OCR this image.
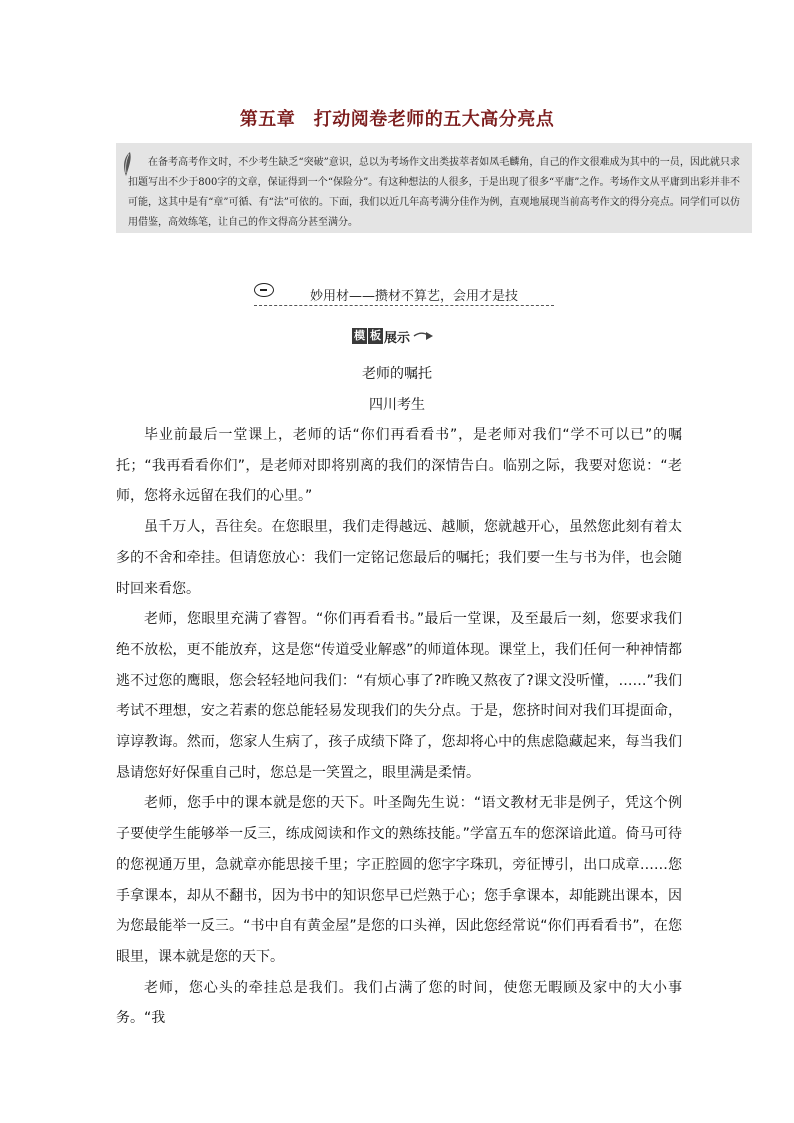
第五章　打动阅卷老师的五大高分亮点

在备考高考作文时，不少考生缺乏“突破”意识，总以为考场作文出类拔萃者如凤毛麟角，自己的作文很难成为其中的一员，因此就只求扣题写出不少于800字的文章，保证得到一个“保险分”。有这种想法的人很多，于是出现了很多“平庸”之作。考场作文从平庸到出彩并非不可能，这其中是有“章”可循、有“法”可依的。下面，我们以近几年高考满分佳作为例，直观地展现当前高考作文的得分亮点。同学们可以仿用借鉴，高效练笔，让自己的作文得高分甚至满分。

妙用材——攒材不算艺，会用才是技
模 板 展示
老师的嘱托
四川考生

毕业前最后一堂课上，老师的话“你们再看看书”，是老师对我们“学不可以已”的嘱托；“我再看看你们”，是老师对即将别离的我们的深情告白。临别之际，我要对您说：“老师，您将永远留在我们的心里。”

虽千万人，吾往矣。在您眼里，我们走得越远、越顺，您就越开心，虽然您此刻有着太多的不舍和牵挂。但请您放心：我们一定铭记您最后的嘱托；我们要一生与书为伴，也会随时回来看您。

老师，您眼里充满了睿智。“你们再看看书。”最后一堂课，及至最后一刻，您要求我们绝不放松，更不能放弃，这是您“传道受业解惑”的师道体现。课堂上，我们任何一种神情都逃不过您的鹰眼，您会轻轻地问我们：“有烦心事了?昨晚又熬夜了?课文没听懂，……”我们考试不理想，安之若素的您总能轻易发现我们的失分点。于是，您挤时间对我们耳提面命，谆谆教诲。然而，您家人生病了，孩子成绩下降了，您却将心中的焦虑隐藏起来，每当我们恳请您好好保重自己时，您总是一笑置之，眼里满是柔情。

老师，您手中的课本就是您的天下。叶圣陶先生说：“语文教材无非是例子，凭这个例子要使学生能够举一反三，练成阅读和作文的熟练技能。”学富五车的您深谙此道。倚马可待的您视通万里，急就章亦能思接千里；字正腔圆的您字字珠玑，旁征博引，出口成章……您手拿课本，却从不翻书，因为书中的知识您早已烂熟于心；您手拿课本，却能跳出课本，因为您最能举一反三。“书中自有黄金屋”是您的口头禅，因此您经常说“你们再看看书”，在您眼里，课本就是您的天下。

老师，您心头的牵挂总是我们。我们占满了您的时间，使您无暇顾及家中的大小事务。“我
